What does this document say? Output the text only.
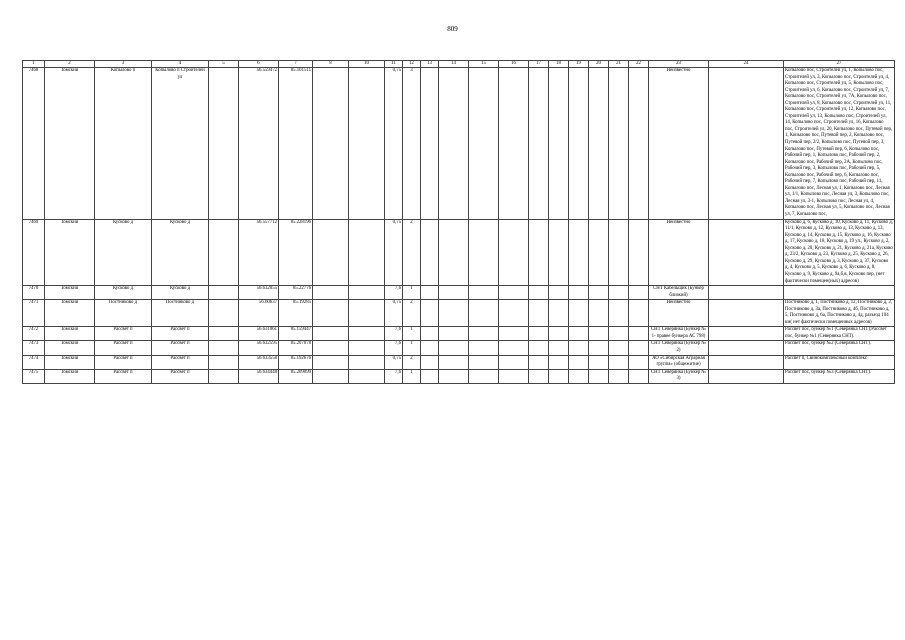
809
1	2	3	4	5	6	7	8	10	11	12	13	14	15	16	17	18	19	20	21	22	23	24	27
7468	Томский	Копылово п	Копылово п Строителей ул		56.559472	85.101511			0,75	3											Неизвестно		Копылово пос, Строителей ул, 1, Копылово пос, Строителей ул, 3, Копылово пос, Строителей ул, 4, Копылово пос, Строителей ул, 5, Копылово пос, Строителей ул, 6, Копылово пос, Строителей ул, 7, Копылово пос, Строителей ул, 7А, Копылово пос, Строителей ул, 8, Копылово пос, Строителей ул, 11, Копылово пос, Строителей ул, 12, Копылово пос, Строителей ул, 13, Копылово пос, Строителей ул, 14, Копылово пос, Строителей ул, 16, Копылово пос, Строителей ул, 20, Копылово пос, Путевой пер, 1, Копылово пос, Путевой пер, 2, Копылово пос, Путевой пер, 2/2, Копылово пос, Путевой пер, 3, Копылово пос, Путевой пер, 6, Копылово пос, Рабочий пер, 1, Копылово пос, Рабочий пер, 2, Копылово пос, Рабочий пер, 2А, Копылово пос, Рабочий пер, 3, Копылово пос, Рабочий пер, 5, Копылово пос, Рабочий пер, 6, Копылово пос, Рабочий пер, 7, Копылово пос, Рабочий пер, 11, Копылово пос, Лесная ул, 1, Копылово пос, Лесная ул, 1/1, Копылово пос, Лесная ул, 3, Копылово пос, Лесная ул, 3-1, Копылово пос, Лесная ул, 4, Копылово пос, Лесная ул, 5, Копылово пос, Лесная ул, 7, Копылово пос,
7469	Томский	Кусково д	Кусково д		56.557712	85.228196			0,75	2											Неизвестно		Кусково д, 6, Кусково д, 10, Кусково д, 11, Кусково д, 11/1, Кусково д, 12, Кусково д, 13, Кусково д, 13, Кусково д, 14, Кусково д, 15, Кусково д, 16, Кусково д, 17, Кусково д, 18, Кусково д, 19 ул., Кусково д, 2, Кусково д, 20, Кусково д, 21, Кусково д, 21а, Кусково д, 23/2, Кусково д, 23, Кусково д, 25, Кусково д, 26, Кусково д, 29, Кусково д, 3, Кусково д, 37, Кусково д, 4, Кусково д, 5, Кусково д, 6, Кусково д, 8, Кусково д, 9, Кусково д, 9а,б,в, Кусково пер, (нет фактически помещен(ных) адресов)
7470	Томский	Кусково д	Кусково д		56.632055	85.22776			7,6	1											СНТ Кабельщик (Бункер близкий)		
7471	Томский	Постниково д	Постниково д		56.60637	85.19285			0,75	2											Неизвестно		Постниково д, 1, Постниково д, 12, Постниково д, 2, Постниково д, 3а, Постниково д, 4б, Постниково д, 5, Постниково д, 6а, Постниково д, 4д, разъезд 104 км( нет фактически помещенных адресов)
7472	Томский	Рассвет п	Рассвет п		56.631061	85.159447			7,6	1											СНТ Северянка (Бункер № 1- правее бункера АС 798)		Рассвет пос, бункер №1 (Северянка СНТ);Рассвет пос, бункер №1 (Северянка СНТ).
7473	Томский	Рассвет п	Рассвет п		56.632595	85.207078			7,6	1											СНТ Северянка (Бункер № 2)		Рассвет пос, бункер №2 (Северянка СНТ).
7474	Томский	Рассвет п	Рассвет п		56.633558	85.192676			0,75	2											АО «Сибирская Аграрная группа» (общежитие)		Рассвет п, Свинокомплексный комплекс
7475	Томский	Рассвет п	Рассвет п		56.634448	85.209099			7,6	1											СНТ Северянка (Бункер № 3)		Рассвет пос, бункер №3 (Северянка СНТ).
